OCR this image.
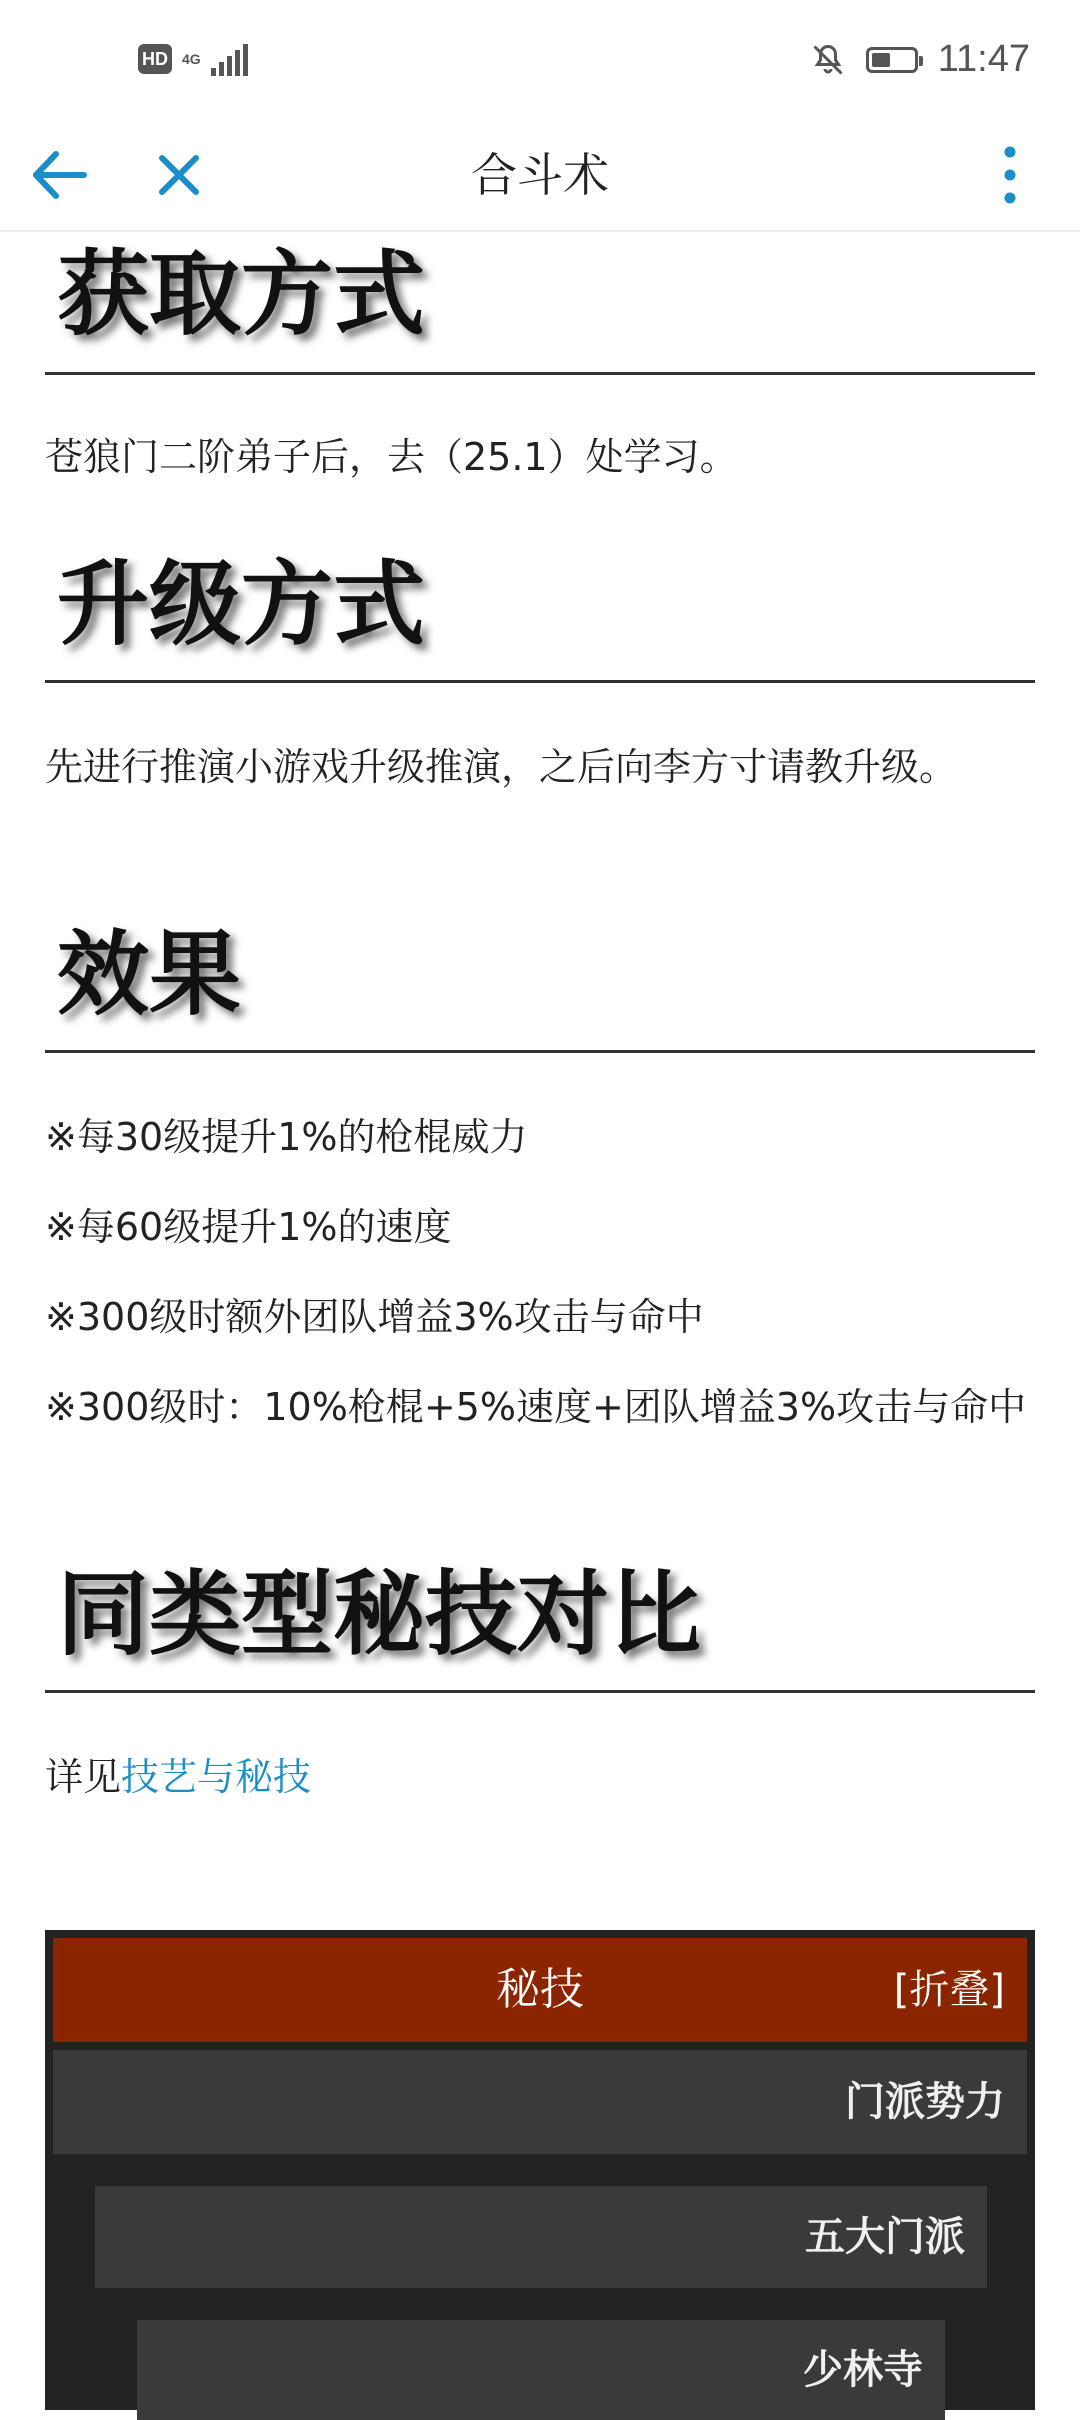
HD 4G	11:47
合斗术
获取方式

苍狼门二阶弟子后，去（25.1）处学习。

升级方式

先进行推演小游戏升级推演，之后向李方寸请教升级。

效果

※每30级提升1%的枪棍威力

※每60级提升1%的速度

※300级时额外团队增益3%攻击与命中

※300级时：10%枪棍+5%速度+团队增益3%攻击与命中

同类型秘技对比

详见技艺与秘技

秘技	[折叠]
门派势力
五大门派
少林寺
